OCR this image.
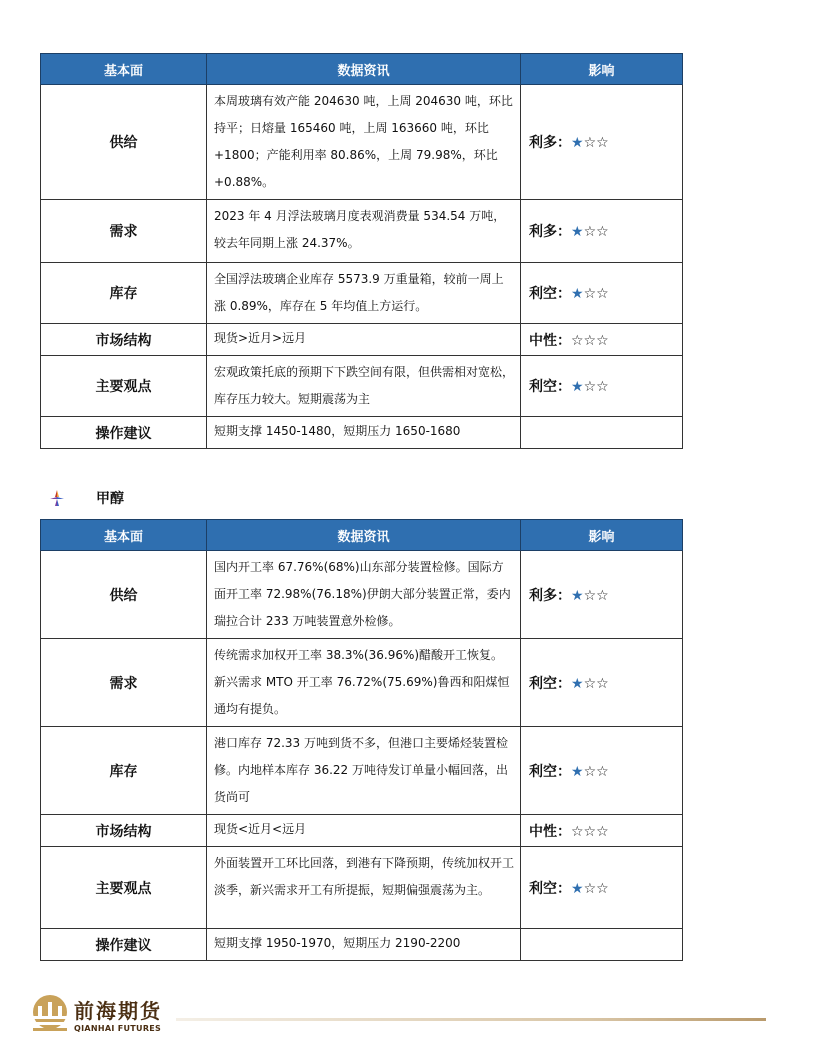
基本面	数据资讯	影响
供给	本周玻璃有效产能 204630 吨，上周 204630 吨，环比持平；日熔量 165460 吨，上周 163660 吨，环比+1800；产能利用率 80.86%，上周 79.98%，环比+0.88%。	利多：★☆☆
需求	2023 年 4 月浮法玻璃月度表观消费量 534.54 万吨，较去年同期上涨 24.37%。	利多：★☆☆
库存	全国浮法玻璃企业库存 5573.9 万重量箱，较前一周上涨 0.89%，库存在 5 年均值上方运行。	利空：★☆☆
市场结构	现货>近月>远月	中性：☆☆☆
主要观点	宏观政策托底的预期下下跌空间有限，但供需相对宽松，库存压力较大。短期震荡为主	利空：★☆☆
操作建议	短期支撑 1450-1480，短期压力 1650-1680	
甲醇
基本面	数据资讯	影响
供给	国内开工率 67.76%(68%)山东部分装置检修。国际方面开工率 72.98%(76.18%)伊朗大部分装置正常，委内瑞拉合计 233 万吨装置意外检修。	利多：★☆☆
需求	传统需求加权开工率 38.3%(36.96%)醋酸开工恢复。新兴需求 MTO 开工率 76.72%(75.69%)鲁西和阳煤恒通均有提负。	利空：★☆☆
库存	港口库存 72.33 万吨到货不多，但港口主要烯烃装置检修。内地样本库存 36.22 万吨待发订单量小幅回落，出货尚可	利空：★☆☆
市场结构	现货<近月<远月	中性：☆☆☆
主要观点	外面装置开工环比回落，到港有下降预期，传统加权开工淡季，新兴需求开工有所提振，短期偏强震荡为主。	利空：★☆☆
操作建议	短期支撑 1950-1970，短期压力 2190-2200	
前海期货
QIANHAI FUTURES
